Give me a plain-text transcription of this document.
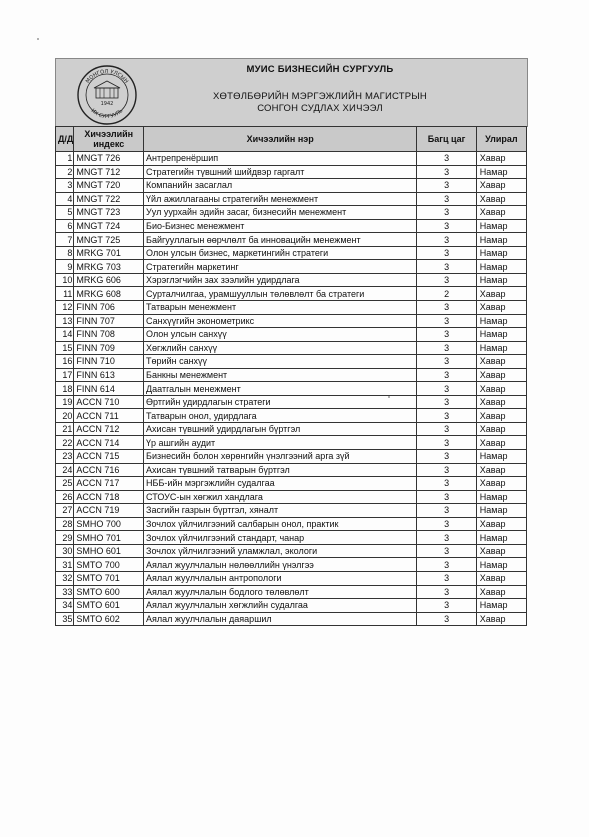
МОНГОЛ УЛСЫН
ИХ СУРГУУЛЬ
1942
МУИС БИЗНЕСИЙН СУРГУУЛЬ
ХӨТӨЛБӨРИЙН МЭРГЭЖЛИЙН МАГИСТРЫН
СОНГОН СУДЛАХ ХИЧЭЭЛ
Д/Д	Хичээлийн
индекс	Хичээлийн нэр	Багц цаг	Улирал
1	MNGT 726	Антрепренёршип	3	Хавар
2	MNGT 712	Стратегийн түвшний шийдвэр гаргалт	3	Намар
3	MNGT 720	Компанийн засаглал	3	Хавар
4	MNGT 722	Үйл ажиллагааны стратегийн менежмент	3	Хавар
5	MNGT 723	Уул уурхайн эдийн засаг, бизнесийн менежмент	3	Хавар
6	MNGT 724	Био-Бизнес менежмент	3	Намар
7	MNGT 725	Байгууллагын өөрчлөлт ба инновацийн менежмент	3	Намар
8	MRKG 701	Олон улсын бизнес, маркетингийн стратеги	3	Намар
9	MRKG 703	Стратегийн маркетинг	3	Намар
10	MRKG 606	Хэрэглэгчийн зах зээлийн удирдлага	3	Намар
11	MRKG 608	Сурталчилгаа, урамшууллын төлөвлөлт ба стратеги	2	Хавар
12	FINN 706	Татварын менежмент	3	Хавар
13	FINN 707	Санхүүгийн эконометрикс	3	Намар
14	FINN 708	Олон улсын санхүү	3	Намар
15	FINN 709	Хөгжлийн санхүү	3	Намар
16	FINN 710	Төрийн санхүү	3	Хавар
17	FINN 613	Банкны менежмент	3	Хавар
18	FINN 614	Даатгалын менежмент	3	Хавар
19	ACCN 710	Өртгийн удирдлагын стратеги	3	Хавар
20	ACCN 711	Татварын онол, удирдлага	3	Хавар
21	ACCN 712	Ахисан түвшний удирдлагын бүртгэл	3	Хавар
22	ACCN 714	Үр ашгийн аудит	3	Хавар
23	ACCN 715	Бизнесийн болон хөрөнгийн үнэлгээний арга зүй	3	Намар
24	ACCN 716	Ахисан түвшний татварын бүртгэл	3	Хавар
25	ACCN 717	НББ-ийн мэргэжлийн судалгаа	3	Хавар
26	ACCN 718	СТОУС-ын хөгжил хандлага	3	Намар
27	ACCN 719	Засгийн газрын бүртгэл, хяналт	3	Намар
28	SMHO 700	Зочлох үйлчилгээний салбарын онол, практик	3	Хавар
29	SMHO 701	Зочлох үйлчилгээний стандарт, чанар	3	Намар
30	SMHO 601	Зочлох үйлчилгээний уламжлал, экологи	3	Хавар
31	SMTO 700	Аялал жуулчлалын нөлөөллийн үнэлгээ	3	Намар
32	SMTO 701	Аялал жуулчлалын антропологи	3	Хавар
33	SMTO 600	Аялал жуулчлалын бодлого төлөвлөлт	3	Хавар
34	SMTO 601	Аялал жуулчлалын хөгжлийн судалгаа	3	Намар
35	SMTO 602	Аялал жуулчлалын даяаршил	3	Хавар
